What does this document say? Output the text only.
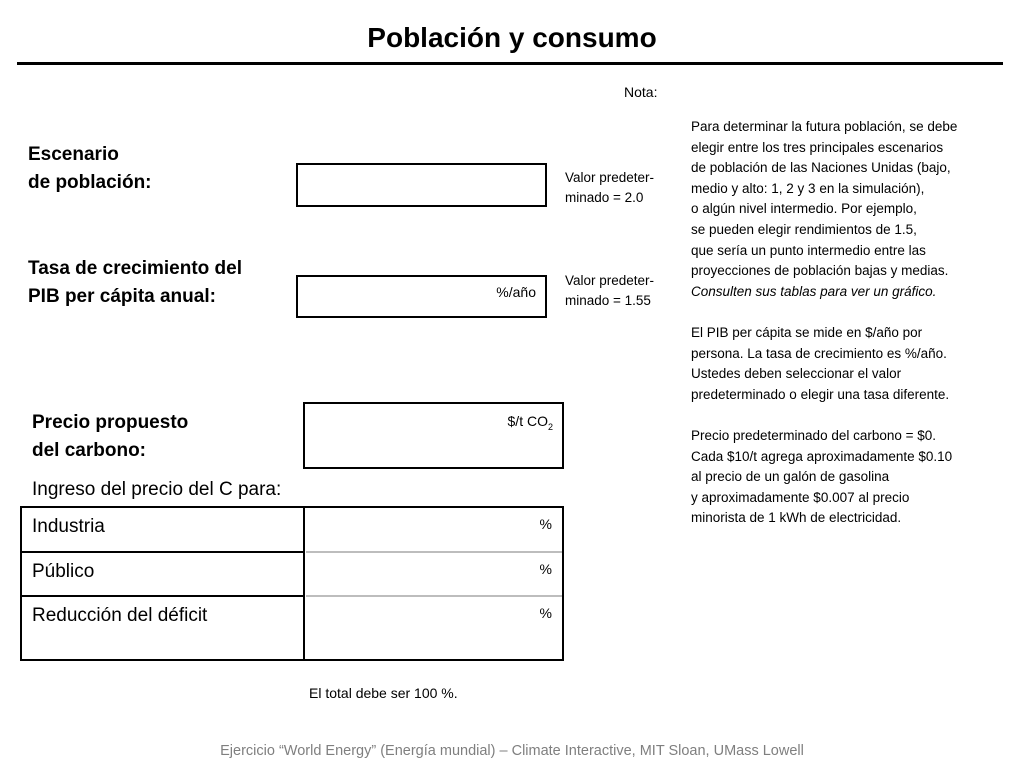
Población y consumo
Nota:
Escenario
de población:	Valor predeter-
minado = 2.0
Tasa de crecimiento del
PIB per cápita anual:	%/año
Valor predeter-
minado = 1.55
Precio propuesto
del carbono:
$/t $CO_2$
Ingreso del precio del C para:
Industria	%
Público	%
Reducción del déficit	%
El total debe ser 100 %.

Para determinar la futura población, se debe
elegir entre los tres principales escenarios
de población de las Naciones Unidas (bajo,
medio y alto: 1, 2 y 3 en la simulación),
o algún nivel intermedio. Por ejemplo,
se pueden elegir rendimientos de 1.5,
que sería un punto intermedio entre las
proyecciones de población bajas y medias.
Consulten sus tablas para ver un gráfico.

El PIB per cápita se mide en $/año por
persona. La tasa de crecimiento es %/año.
Ustedes deben seleccionar el valor
predeterminado o elegir una tasa diferente.

Precio predeterminado del carbono = $0.
Cada $10/t agrega aproximadamente $0.10
al precio de un galón de gasolina
y aproximadamente $0.007 al precio
minorista de 1 kWh de electricidad.

Ejercicio “World Energy” (Energía mundial) – Climate Interactive, MIT Sloan, UMass Lowell
